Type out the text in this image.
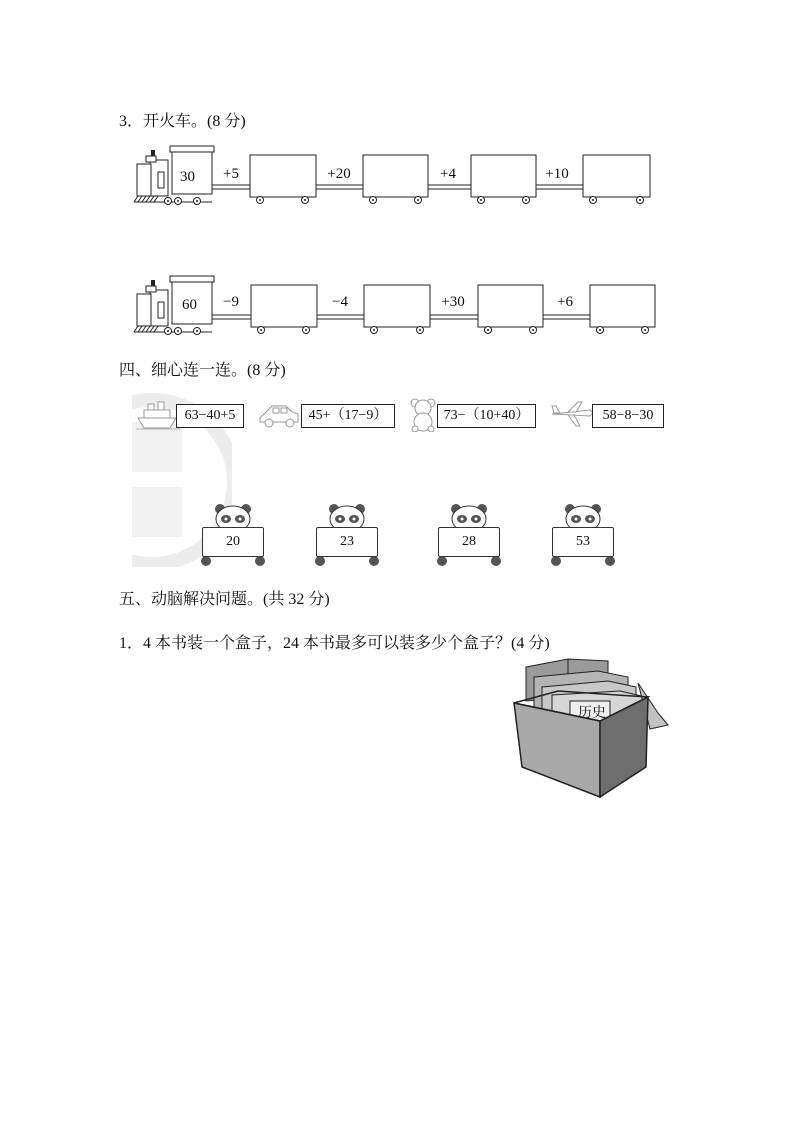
3．开火车。(8 分)
30	+5	+20	+4	+10
60	−9	−4	+30	+6
四、细心连一连。(8 分)
63−40+5	45+（17−9）	73−（10+40）	58−8−30
20	23	28	53
五、动脑解决问题。(共 32 分)
1．4 本书装一个盒子，24 本书最多可以装多少个盒子？(4 分)
历史
